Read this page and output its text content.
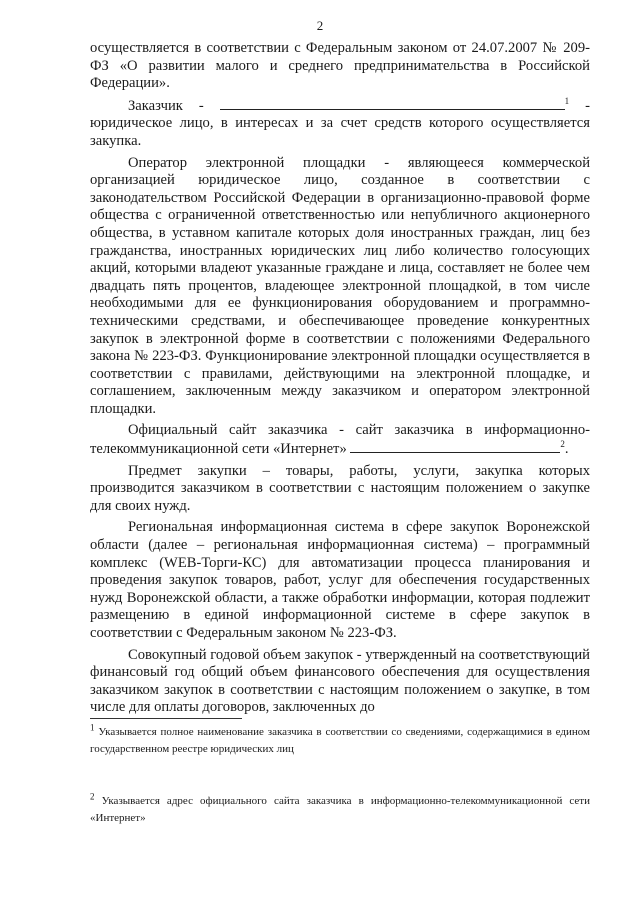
2

осуществляется в соответствии с Федеральным законом от 24.07.2007 № 209-ФЗ «О развитии малого и среднего предпринимательства в Российской Федерации».

Заказчик -	$^1$ - юридическое лицо, в интересах и за счет средств которого осуществляется закупка.

Оператор электронной площадки - являющееся коммерческой организацией юридическое лицо, созданное в соответствии с законодательством Российской Федерации в организационно-правовой форме общества с ограниченной ответственностью или непубличного акционерного общества, в уставном капитале которых доля иностранных граждан, лиц без гражданства, иностранных юридических лиц либо количество голосующих акций, которыми владеют указанные граждане и лица, составляет не более чем двадцать пять процентов, владеющее электронной площадкой, в том числе необходимыми для ее функционирования оборудованием и программно-техническими средствами, и обеспечивающее проведение конкурентных закупок в электронной форме в соответствии с положениями Федерального закона № 223-ФЗ. Функционирование электронной площадки осуществляется в соответствии с правилами, действующими на электронной площадке, и соглашением, заключенным между заказчиком и оператором электронной площадки.

Официальный сайт заказчика - сайт заказчика в информационно-телекоммуникационной сети «Интернет»	$^2$.

Предмет закупки – товары, работы, услуги, закупка которых производится заказчиком в соответствии с настоящим положением о закупке для своих нужд.

Региональная информационная система в сфере закупок Воронежской области (далее – региональная информационная система) – программный комплекс (WEB-Торги-КС) для автоматизации процесса планирования и проведения закупок товаров, работ, услуг для обеспечения государственных нужд Воронежской области, а также обработки информации, которая подлежит размещению в единой информационной системе в сфере закупок в соответствии с Федеральным законом № 223-ФЗ.

Совокупный годовой объем закупок - утвержденный на соответствующий финансовый год общий объем финансового обеспечения для осуществления заказчиком закупок в соответствии с настоящим положением о закупке, в том числе для оплаты договоров, заключенных до

$^1$ Указывается полное наименование заказчика в соответствии со сведениями, содержащимися в едином государственном реестре юридических лиц
$^2$ Указывается адрес официального сайта заказчика в информационно-телекоммуникационной сети «Интернет»
